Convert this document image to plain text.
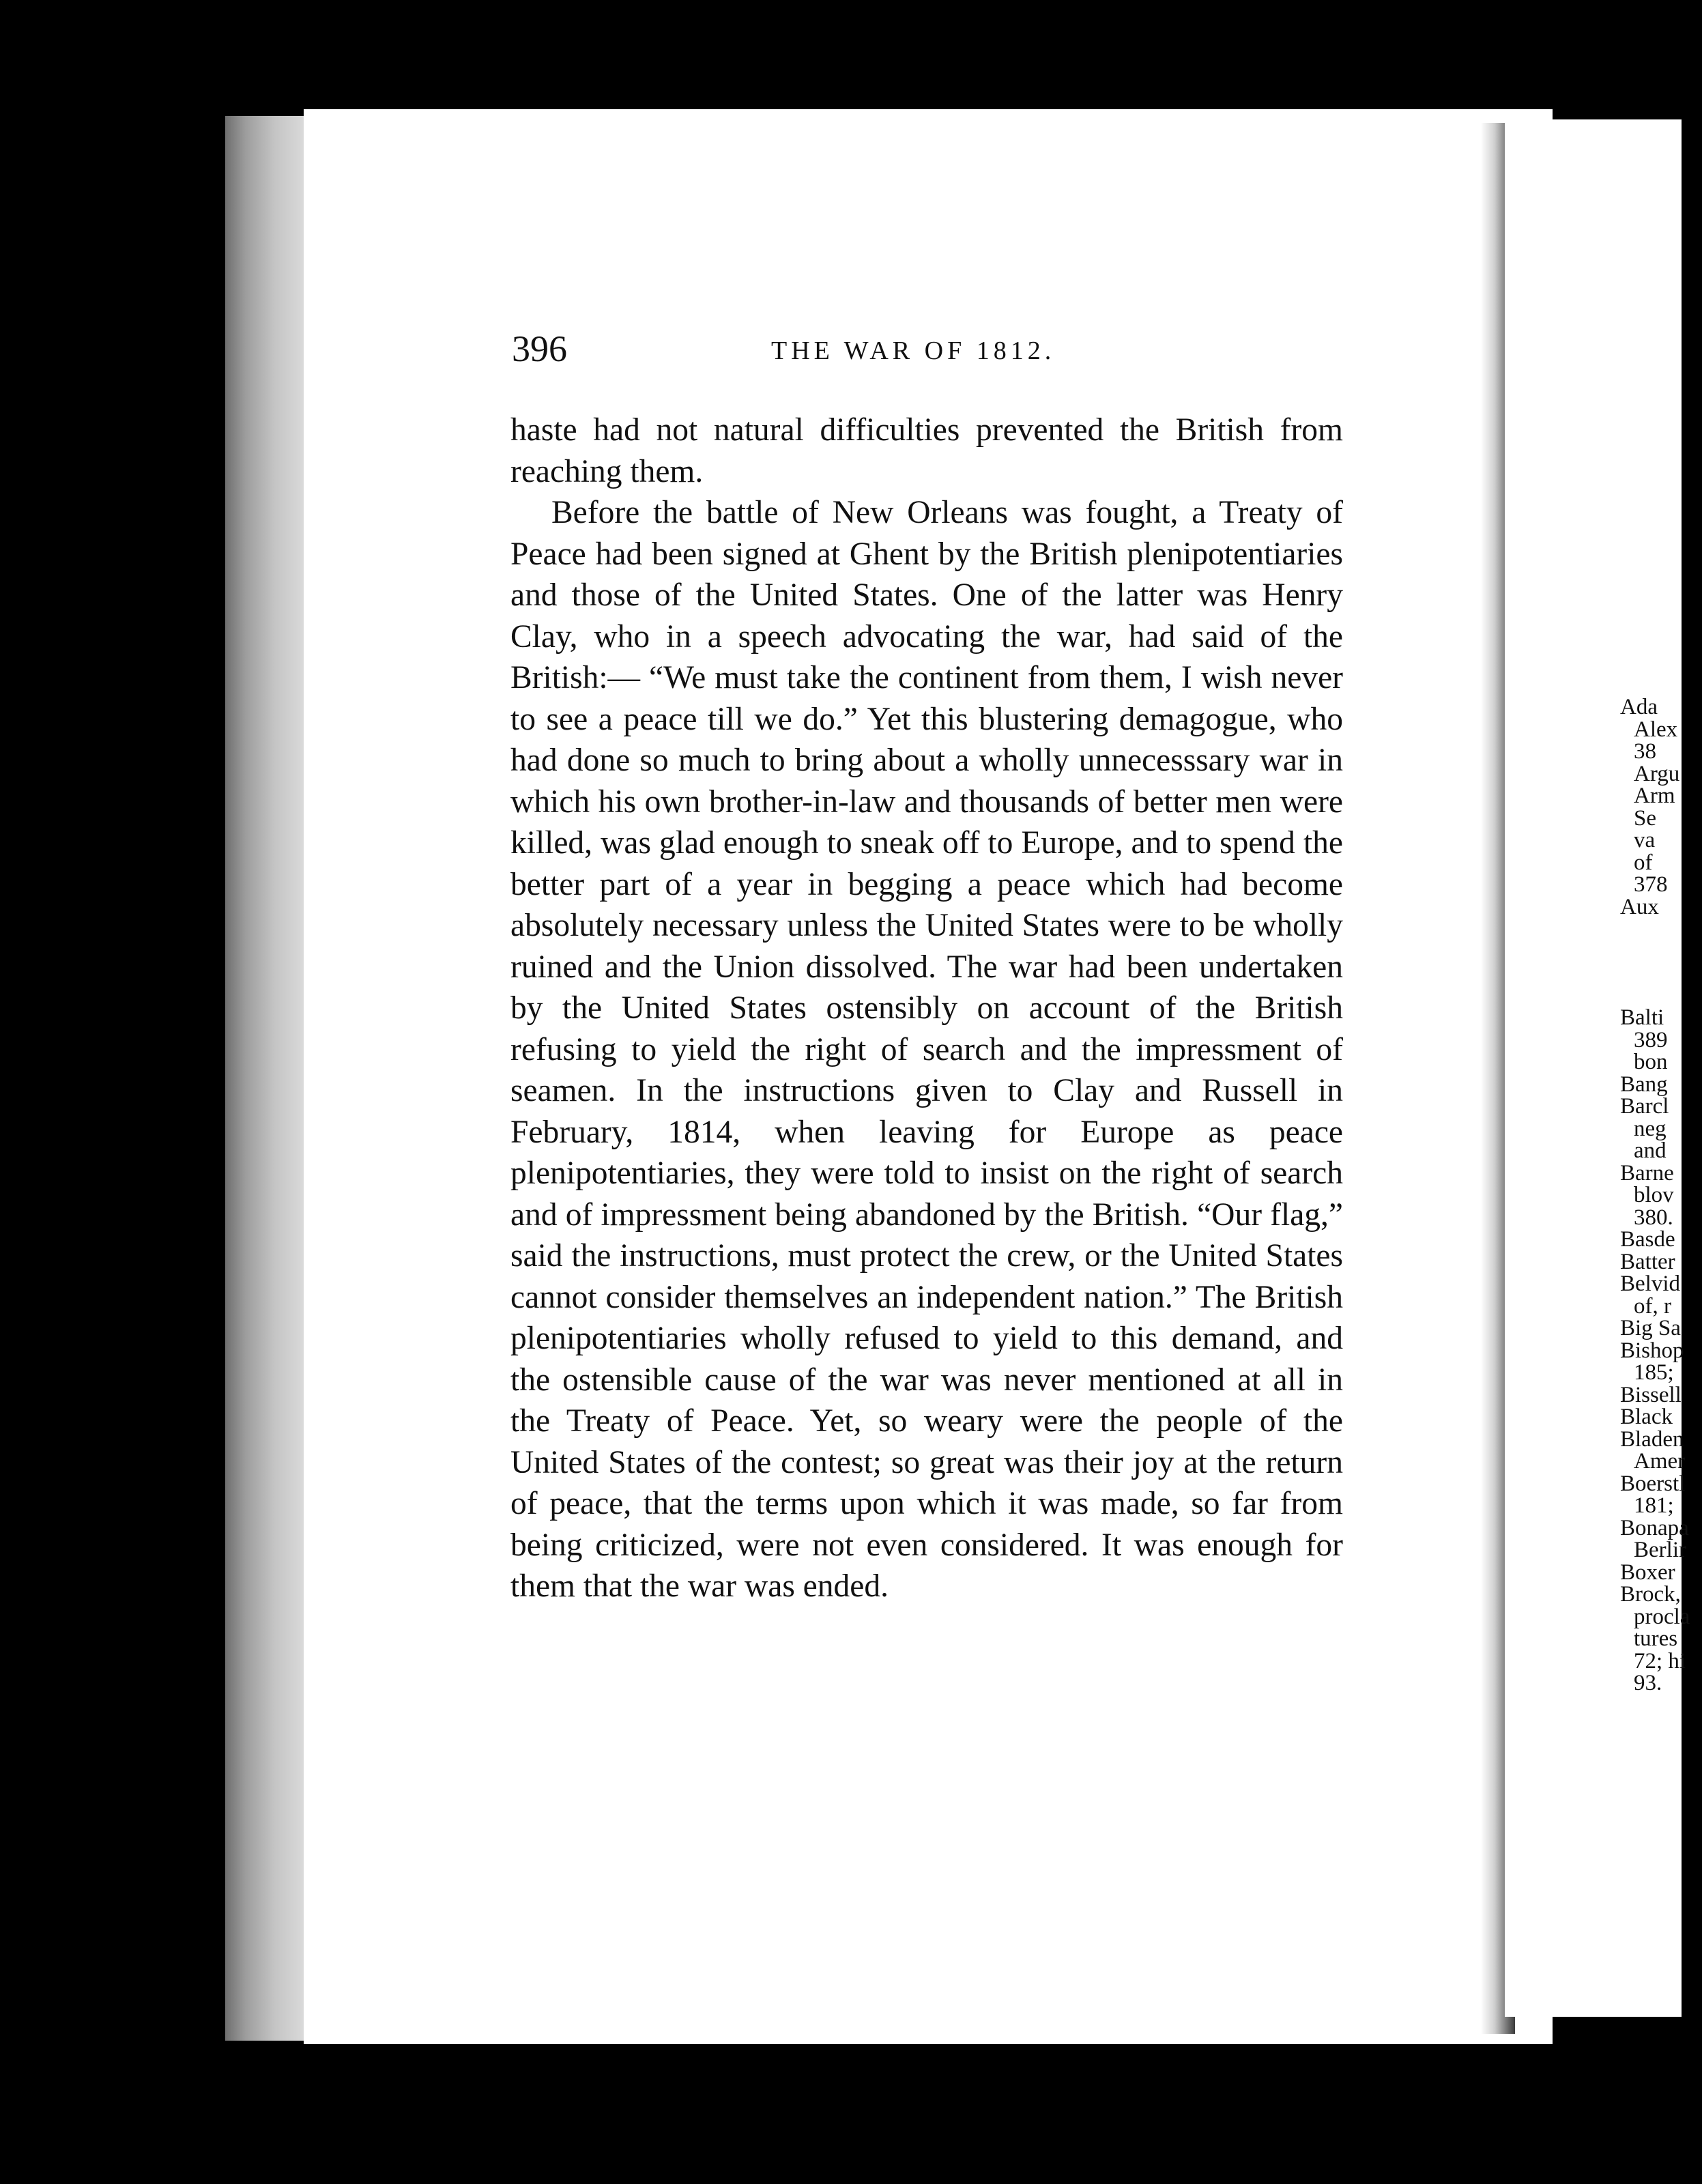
396	THE WAR OF 1812.

haste had not natural difficulties prevented the British from reaching them.

Before the battle of New Orleans was fought, a Treaty of Peace had been signed at Ghent by the British plenipotentiaries and those of the United States. One of the latter was Henry Clay, who in a speech advocating the war, had said of the British:— “We must take the continent from them, I wish never to see a peace till we do.” Yet this blustering demagogue, who had done so much to bring about a wholly unnecesssary war in which his own brother-in-law and thousands of better men were killed, was glad enough to sneak off to Europe, and to spend the better part of a year in begging a peace which had become absolutely necessary unless the United States were to be wholly ruined and the Union dissolved. The war had been undertaken by the United States ostensibly on account of the British refusing to yield the right of search and the impressment of seamen. In the instructions given to Clay and Russell in February, 1814, when leaving for Europe as peace plenipotentiaries, they were told to insist on the right of search and of impressment being abandoned by the British. “Our flag,” said the instructions, must protect the crew, or the United States cannot consider themselves an independent nation.” The British plenipotentiaries wholly refused to yield to this demand, and the ostensible cause of the war was never mentioned at all in the Treaty of Peace. Yet, so weary were the people of the United States of the contest; so great was their joy at the return of peace, that the terms upon which it was made, so far from being criticized, were not even considered. It was enough for them that the war was ended.

Ada
Alex
38
Argu
Arm
Se
va
of
378
Aux
Balti
389
bon
Bang
Barcl
neg
and
Barne
blov
380.
Basde
Batter
Belvid
of, r
Big Sa
Bishop
185;
Bissell
Black
Bladen
Amer
Boerstl
181;
Bonapa
Berlir
Boxer
Brock,
procla
tures
72; hi
93.
